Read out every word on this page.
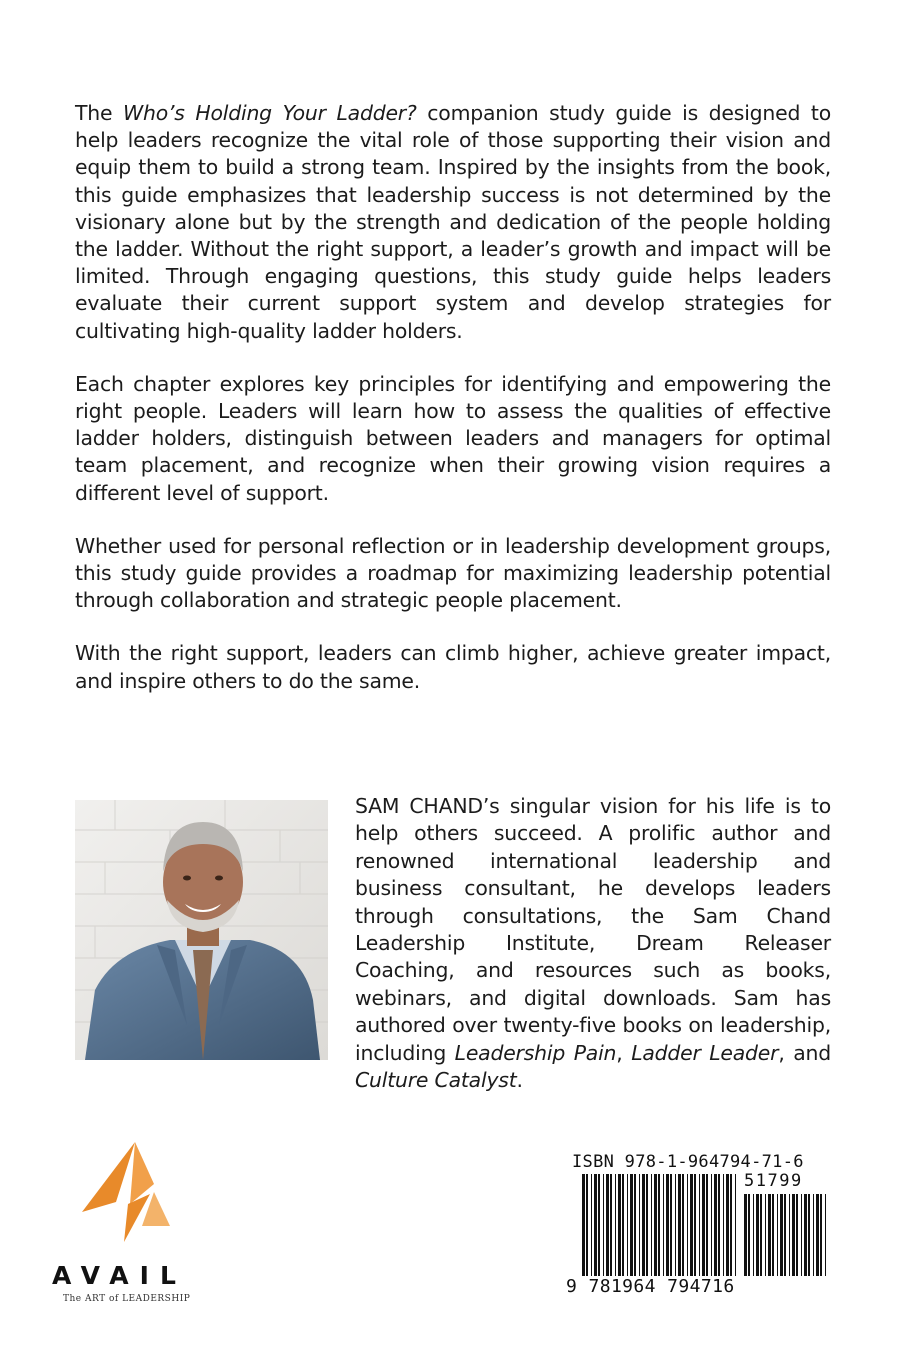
The Who’s Holding Your Ladder? companion study guide is designed to help leaders recognize the vital role of those supporting their vision and equip them to build a strong team. Inspired by the insights from the book, this guide emphasizes that leadership success is not determined by the visionary alone but by the strength and dedication of the people holding the ladder. Without the right support, a leader’s growth and impact will be limited. Through engaging questions, this study guide helps leaders evaluate their current support system and develop strategies for cultivating high-quality ladder holders.

Each chapter explores key principles for identifying and empowering the right people. Leaders will learn how to assess the qualities of effective ladder holders, distinguish between leaders and managers for optimal team placement, and recognize when their growing vision requires a different level of support.

Whether used for personal reflection or in leadership development groups, this study guide provides a roadmap for maximizing leadership potential through collaboration and strategic people placement.

With the right support, leaders can climb higher, achieve greater impact, and inspire others to do the same.

SAM CHAND’s singular vision for his life is to help others succeed. A prolific author and renowned international leadership and business consultant, he develops leaders through consultations, the Sam Chand Leadership Institute, Dream Releaser Coaching, and resources such as books, webinars, and digital downloads. Sam has authored over twenty-five books on leadership, including Leadership Pain, Ladder Leader, and Culture Catalyst.

AVAIL
The ART of LEADERSHIP
ISBN 978-1-964794-71-6
51799
9 781964 794716
